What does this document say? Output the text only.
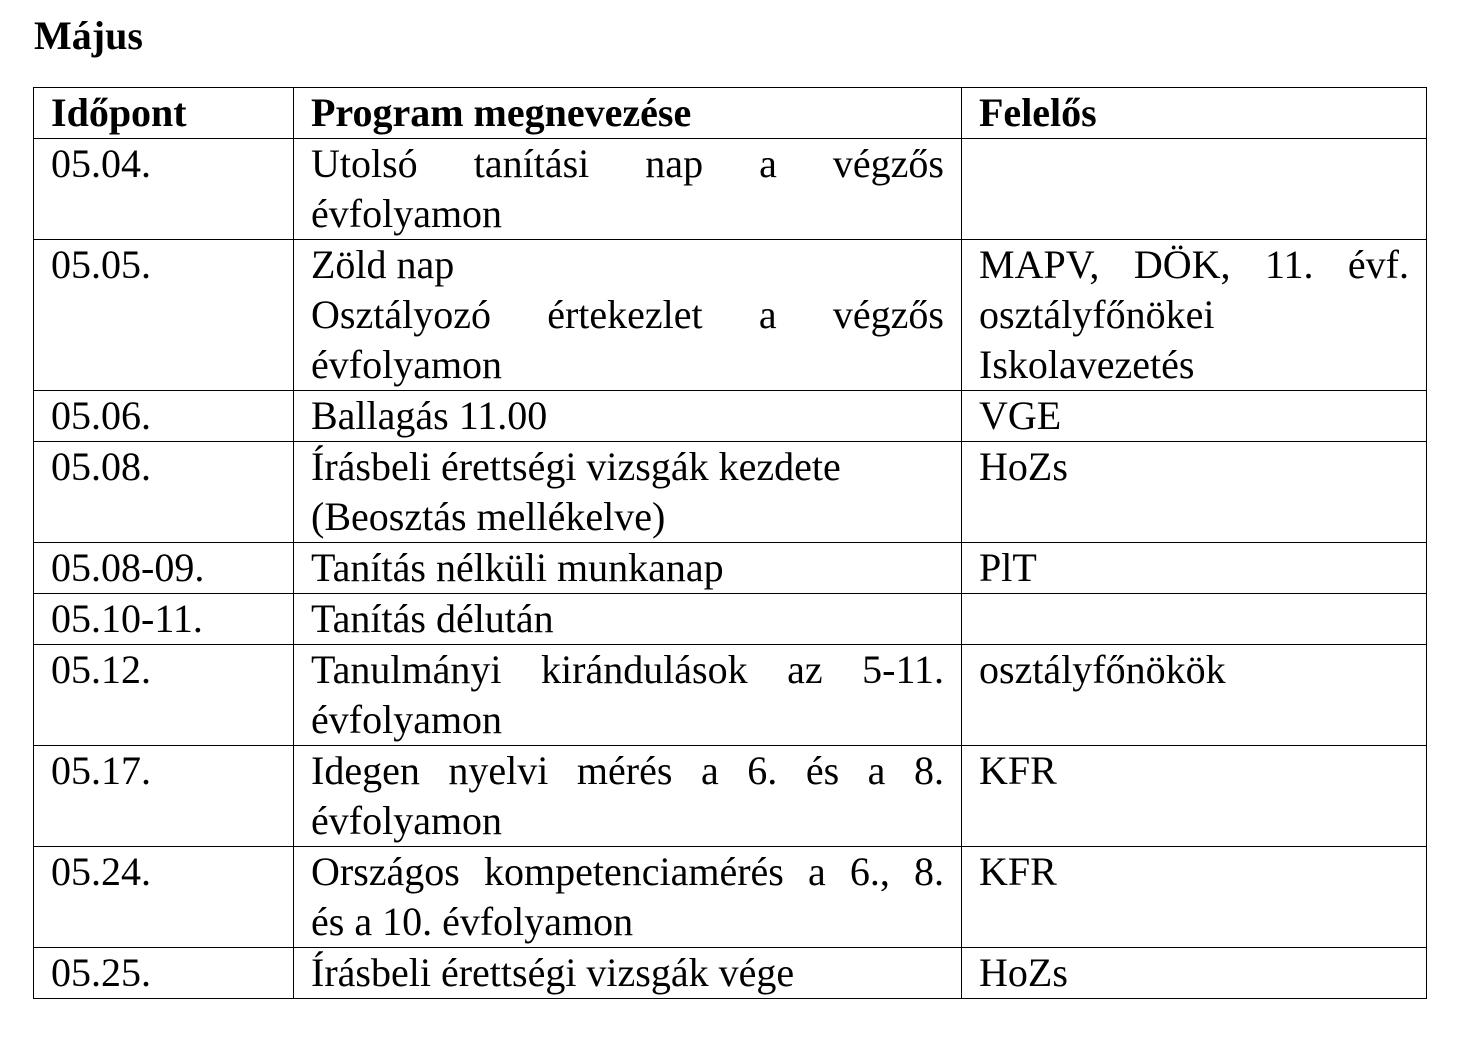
Május
Időpont	Program megnevezése	Felelős
05.04.	Utolsó tanítási nap a végzős
évfolyamon	

05.05.	Zöld nap
Osztályozó értekezlet a végzős
évfolyamon	MAPV, DÖK, 11. évf.
osztályfőnökei
Iskolavezetés

05.06.	Ballagás 11.00	VGE

05.08.	Írásbeli érettségi vizsgák kezdete
(Beosztás mellékelve)	HoZs

05.08-09.	Tanítás nélküli munkanap	PlT

05.10-11.	Tanítás délután	

05.12.	Tanulmányi kirándulások az 5-11.
évfolyamon	osztályfőnökök

05.17.	Idegen nyelvi mérés a 6. és a 8.
évfolyamon	KFR

05.24.	Országos kompetenciamérés a 6., 8.
és a 10. évfolyamon	KFR

05.25.	Írásbeli érettségi vizsgák vége	HoZs
